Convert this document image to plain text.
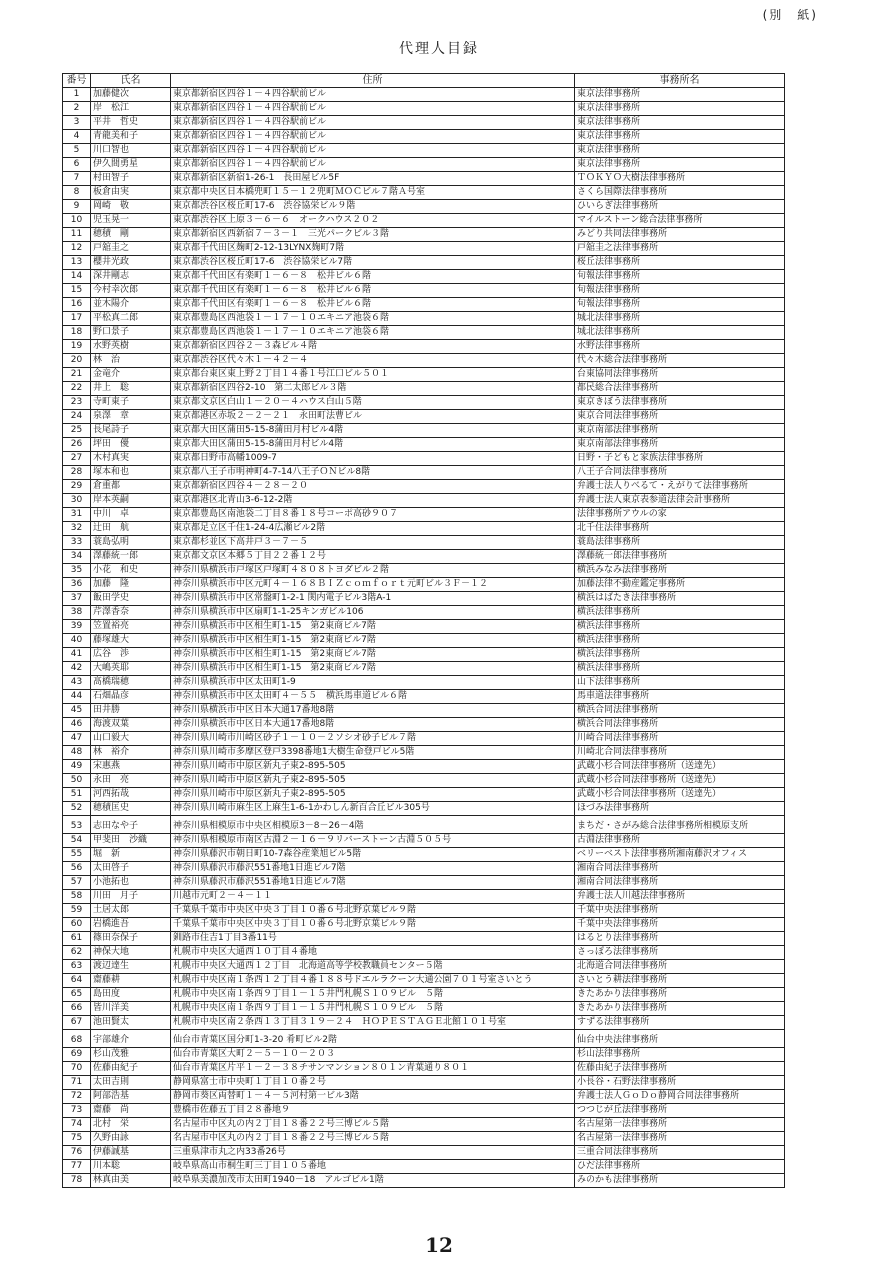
(別　紙)
代理人目録
番号	氏名	住所	事務所名
1	加藤健次	東京都新宿区四谷１－４四谷駅前ビル	東京法律事務所
2	岸　松江	東京都新宿区四谷１－４四谷駅前ビル	東京法律事務所
3	平井　哲史	東京都新宿区四谷１－４四谷駅前ビル	東京法律事務所
4	青龍美和子	東京都新宿区四谷１－４四谷駅前ビル	東京法律事務所
5	川口智也	東京都新宿区四谷１－４四谷駅前ビル	東京法律事務所
6	伊久間勇星	東京都新宿区四谷１－４四谷駅前ビル	東京法律事務所
7	村田智子	東京都新宿区新宿1-26-1　長田屋ビル5F	ＴＯＫＹＯ大樹法律事務所
8	板倉由実	東京都中央区日本橋兜町１５－１２兜町ＭＯＣビル７階Ａ号室	さくら国際法律事務所
9	岡崎　敬	東京都渋谷区桜丘町17-6　渋谷協栄ビル９階	ひいらぎ法律事務所
10	児玉晃一	東京都渋谷区上原３－６－６　オークハウス２０２	マイルストーン総合法律事務所
11	穂積　剛	東京都新宿区西新宿７－３－１　三光パークビル３階	みどり共同法律事務所
12	戸舘圭之	東京都千代田区麹町2-12-13LYNX麹町7階	戸舘圭之法律事務所
13	櫻井光政	東京都渋谷区桜丘町17-6　渋谷協栄ビル7階	桜丘法律事務所
14	深井剛志	東京都千代田区有楽町１－６－８　松井ビル６階	旬報法律事務所
15	今村幸次郎	東京都千代田区有楽町１－６－８　松井ビル６階	旬報法律事務所
16	並木陽介	東京都千代田区有楽町１－６－８　松井ビル６階	旬報法律事務所
17	平松真二郎	東京都豊島区西池袋１－１７－１０エキニア池袋６階	城北法律事務所
18	野口景子	東京都豊島区西池袋１－１７－１０エキニア池袋６階	城北法律事務所
19	水野英樹	東京都新宿区四谷２－３森ビル４階	水野法律事務所
20	林　治	東京都渋谷区代々木１－４２－４	代々木総合法律事務所
21	金竜介	東京都台東区東上野２丁目１４番１号江口ビル５０１	台東協同法律事務所
22	井上　聡	東京都新宿区四谷2-10　第二太郎ビル３階	都民総合法律事務所
23	寺町東子	東京都文京区白山１－２０－４ハウス白山５階	東京きぼう法律事務所
24	泉澤　章	東京都港区赤坂２－２－２１　永田町法曹ビル	東京合同法律事務所
25	長尾詩子	東京都大田区蒲田5-15-8蒲田月村ビル4階	東京南部法律事務所
26	坪田　優	東京都大田区蒲田5-15-8蒲田月村ビル4階	東京南部法律事務所
27	木村真実	東京都日野市高幡1009-7	日野・子どもと家族法律事務所
28	塚本和也	東京都八王子市明神町4-7-14八王子ＯＮビル8階	八王子合同法律事務所
29	倉重都	東京都新宿区四谷４－２８－２０	弁護士法人りべるて・えがりて法律事務所
30	岸本英嗣	東京都港区北青山3-6-12-2階	弁護士法人東京表参道法律会計事務所
31	中川　卓	東京都豊島区南池袋二丁目８番１８号コーポ高砂９０７	法律事務所アウルの家
32	辻田　航	東京都足立区千住1-24-4広瀬ビル2階	北千住法律事務所
33	蓑島弘明	東京都杉並区下高井戸３－７－５	蓑島法律事務所
34	澤藤統一郎	東京都文京区本郷５丁目２２番１２号	澤藤統一郎法律事務所
35	小花　和史	神奈川県横浜市戸塚区戸塚町４８０８トヨダビル２階	横浜みなみ法律事務所
36	加藤　隆	神奈川県横浜市中区元町４－１６８ＢＩＺｃｏｍｆｏｒｔ元町ビル３Ｆ－１２	加藤法律不動産鑑定事務所
37	飯田学史	神奈川県横浜市中区常盤町1-2-1 関内電子ビル3階A-1	横浜はばたき法律事務所
38	芹澤香奈	神奈川県横浜市中区扇町1-1-25キンガビル106	横浜法律事務所
39	笠置裕亮	神奈川県横浜市中区相生町1-15　第2東商ビル7階	横浜法律事務所
40	藤塚雄大	神奈川県横浜市中区相生町1-15　第2東商ビル7階	横浜法律事務所
41	広谷　渉	神奈川県横浜市中区相生町1-15　第2東商ビル7階	横浜法律事務所
42	大嶋英耶	神奈川県横浜市中区相生町1-15　第2東商ビル7階	横浜法律事務所
43	髙橋瑞穂	神奈川県横浜市中区太田町1-9	山下法律事務所
44	石畑晶彦	神奈川県横浜市中区太田町４－５５　横浜馬車道ビル６階	馬車道法律事務所
45	田井勝	神奈川県横浜市中区日本大通17番地8階	横浜合同法律事務所
46	海渡双葉	神奈川県横浜市中区日本大通17番地8階	横浜合同法律事務所
47	山口毅大	神奈川県川崎市川崎区砂子１－１０－２ソシオ砂子ビル７階	川崎合同法律事務所
48	林　裕介	神奈川県川崎市多摩区登戸3398番地1大樹生命登戸ビル5階	川崎北合同法律事務所
49	宋惠燕	神奈川県川崎市中原区新丸子東2-895-505	武蔵小杉合同法律事務所（送達先）
50	永田　亮	神奈川県川崎市中原区新丸子東2-895-505	武蔵小杉合同法律事務所（送達先）
51	河西拓哉	神奈川県川崎市中原区新丸子東2-895-505	武蔵小杉合同法律事務所（送達先）
52	穂積匡史	神奈川県川崎市麻生区上麻生1-6-1かわしん新百合丘ビル305号	ほづみ法律事務所
53	志田なや子	神奈川県相模原市中央区相模原3－8－26－4階	まちだ・さがみ総合法律事務所相模原支所
54	甲斐田　沙織	神奈川県相模原市南区古淵２－１６－９リバーストーン古淵５０５号	古淵法律事務所
55	堀　新	神奈川県藤沢市朝日町10-7森谷産業旭ビル5階	ベリーベスト法律事務所湘南藤沢オフィス
56	太田啓子	神奈川県藤沢市藤沢551番地1日進ビル7階	湘南合同法律事務所
57	小池拓也	神奈川県藤沢市藤沢551番地1日進ビル7階	湘南合同法律事務所
58	川田　月子	川越市元町２－４－１１	弁護士法人川越法律事務所
59	土居太郎	千葉県千葉市中央区中央３丁目１０番６号北野京葉ビル９階	千葉中央法律事務所
60	岩橋進吾	千葉県千葉市中央区中央３丁目１０番６号北野京葉ビル９階	千葉中央法律事務所
61	篠田奈保子	釧路市住吉1丁目3番11号	はるとり法律事務所
62	神保大地	札幌市中央区大通西１０丁目４番地	さっぽろ法律事務所
63	渡辺達生	札幌市中央区大通西１２丁目　北海道高等学校教職員センター５階	北海道合同法律事務所
64	齋藤耕	札幌市中央区南１条西１２丁目４番１８８号ドエルラクーン大通公園７０１号室さいとう	さいとう耕法律事務所
65	島田度	札幌市中央区南１条西９丁目１－１５井門札幌Ｓ１０９ビル　５階	きたあかり法律事務所
66	皆川洋美	札幌市中央区南１条西９丁目１－１５井門札幌Ｓ１０９ビル　５階	きたあかり法律事務所
67	池田賢太	札幌市中央区南２条西１３丁目３１９－２４　ＨＯＰＥＳＴＡＧＥ北館１０１号室	すずる法律事務所
68	宇部雄介	仙台市青葉区国分町1-3-20 肴町ビル2階	仙台中央法律事務所
69	杉山茂雅	仙台市青葉区大町２－５－１０－２０３	杉山法律事務所
70	佐藤由紀子	仙台市青葉区片平１－２－３８チサンマンション８０１ン青葉通り８０１	佐藤由紀子法律事務所
71	太田吉則	静岡県富士市中央町１丁目１０番２号	小長谷・石野法律事務所
72	阿部浩基	静岡市葵区両替町１－４－５河村第一ビル3階	弁護士法人ＧｏＤｏ静岡合同法律事務所
73	齋藤　尚	豊橋市佐藤五丁目２８番地９	つつじが丘法律事務所
74	北村　栄	名古屋市中区丸の内２丁目１８番２２号三博ビル５階	名古屋第一法律事務所
75	久野由詠	名古屋市中区丸の内２丁目１８番２２号三博ビル５階	名古屋第一法律事務所
76	伊藤誠基	三重県津市丸之内33番26号	三重合同法律事務所
77	川本聡	岐阜県高山市桐生町三丁目１０５番地	ひだ法律事務所
78	林真由美	岐阜県美濃加茂市太田町1940－18　アルゴビル1階	みのかも法律事務所
12
